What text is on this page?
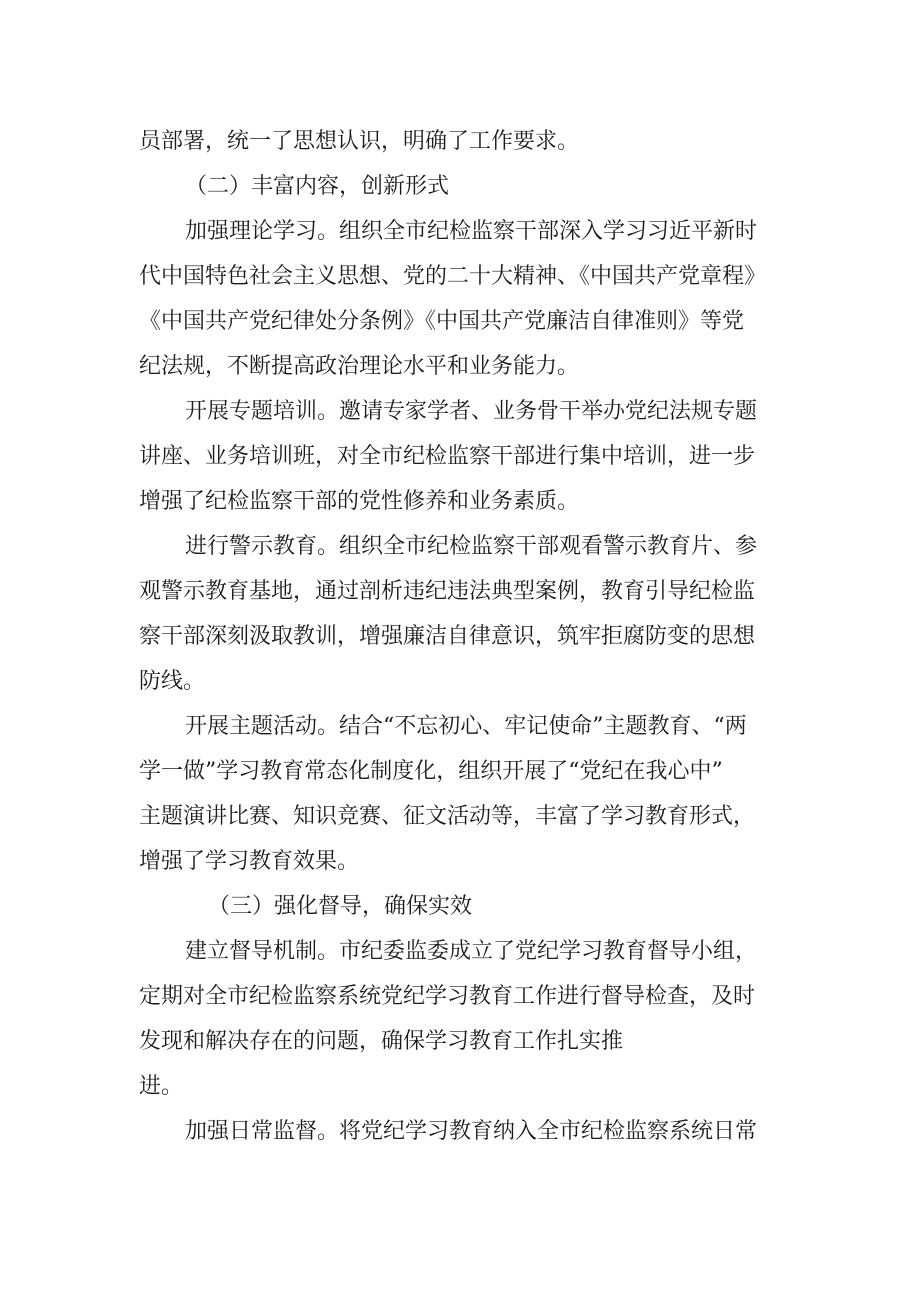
员部署，统一了思想认识，明确了工作要求。
（二）丰富内容，创新形式
加强理论学习。组织全市纪检监察干部深入学习习近平新时
代中国特色社会主义思想、党的二十大精神、《中国共产党章程》
《中国共产党纪律处分条例》《中国共产党廉洁自律准则》等党
纪法规，不断提高政治理论水平和业务能力。
开展专题培训。邀请专家学者、业务骨干举办党纪法规专题
讲座、业务培训班，对全市纪检监察干部进行集中培训，进一步
增强了纪检监察干部的党性修养和业务素质。
进行警示教育。组织全市纪检监察干部观看警示教育片、参
观警示教育基地，通过剖析违纪违法典型案例，教育引导纪检监
察干部深刻汲取教训，增强廉洁自律意识，筑牢拒腐防变的思想
防线。
开展主题活动。结合“不忘初心、牢记使命”主题教育、“两
学一做”学习教育常态化制度化，组织开展了“党纪在我心中”
主题演讲比赛、知识竞赛、征文活动等，丰富了学习教育形式，
增强了学习教育效果。
（三）强化督导，确保实效
建立督导机制。市纪委监委成立了党纪学习教育督导小组，
定期对全市纪检监察系统党纪学习教育工作进行督导检查，及时
发现和解决存在的问题，确保学习教育工作扎实推
进。
加强日常监督。将党纪学习教育纳入全市纪检监察系统日常
